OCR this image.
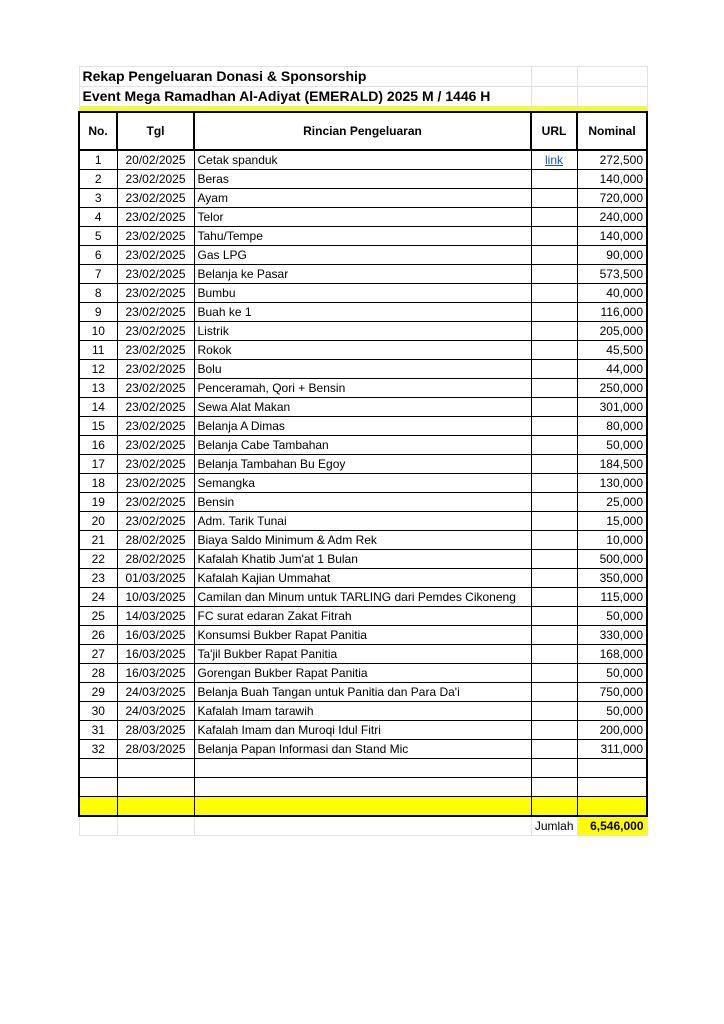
Rekap Pengeluaran Donasi & Sponsorship				
Event Mega Ramadhan Al-Adiyat (EMERALD) 2025 M / 1446 H				

No.	Tgl	Rincian Pengeluaran	URL	Nominal
1	20/02/2025	Cetak spanduk	link	272,500
2	23/02/2025	Beras		140,000
3	23/02/2025	Ayam		720,000
4	23/02/2025	Telor		240,000
5	23/02/2025	Tahu/Tempe		140,000
6	23/02/2025	Gas LPG		90,000
7	23/02/2025	Belanja ke Pasar		573,500
8	23/02/2025	Bumbu		40,000
9	23/02/2025	Buah ke 1		116,000
10	23/02/2025	Listrik		205,000
11	23/02/2025	Rokok		45,500
12	23/02/2025	Bolu		44,000
13	23/02/2025	Penceramah, Qori + Bensin		250,000
14	23/02/2025	Sewa Alat Makan		301,000
15	23/02/2025	Belanja A Dimas		80,000
16	23/02/2025	Belanja Cabe Tambahan		50,000
17	23/02/2025	Belanja Tambahan Bu Egoy		184,500
18	23/02/2025	Semangka		130,000
19	23/02/2025	Bensin		25,000
20	23/02/2025	Adm. Tarik Tunai		15,000
21	28/02/2025	Biaya Saldo Minimum & Adm Rek		10,000
22	28/02/2025	Kafalah Khatib Jum'at 1 Bulan		500,000
23	01/03/2025	Kafalah Kajian Ummahat		350,000
24	10/03/2025	Camilan dan Minum untuk TARLING dari Pemdes Cikoneng		115,000
25	14/03/2025	FC surat edaran Zakat Fitrah		50,000
26	16/03/2025	Konsumsi Bukber Rapat Panitia		330,000
27	16/03/2025	Ta'jil Bukber Rapat Panitia		168,000
28	16/03/2025	Gorengan Bukber Rapat Panitia		50,000
29	24/03/2025	Belanja Buah Tangan untuk Panitia dan Para Da'i		750,000
30	24/03/2025	Kafalah Imam tarawih		50,000
31	28/03/2025	Kafalah Imam dan Muroqi Idul Fitri		200,000
32	28/03/2025	Belanja Papan Informasi dan Stand Mic		311,000

			Jumlah	6,546,000
